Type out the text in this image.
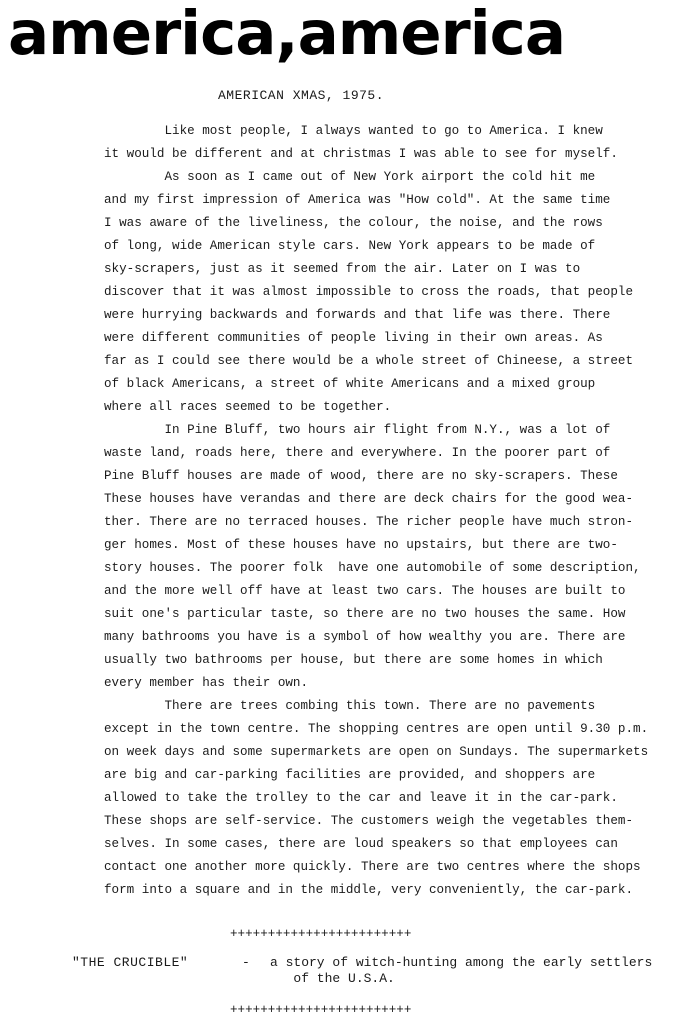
america,america
AMERICAN XMAS, 1975.

Like most people, I always wanted to go to America. I knew

it would be different and at christmas I was able to see for myself.

As soon as I came out of New York airport the cold hit me

and my first impression of America was "How cold". At the same time

I was aware of the liveliness, the colour, the noise, and the rows

of long, wide American style cars. New York appears to be made of

sky-scrapers, just as it seemed from the air. Later on I was to

discover that it was almost impossible to cross the roads, that people

were hurrying backwards and forwards and that life was there. There

were different communities of people living in their own areas. As

far as I could see there would be a whole street of Chineese, a street

of black Americans, a street of white Americans and a mixed group

where all races seemed to be together.

In Pine Bluff, two hours air flight from N.Y., was a lot of

waste land, roads here, there and everywhere. In the poorer part of

Pine Bluff houses are made of wood, there are no sky-scrapers. These

These houses have verandas and there are deck chairs for the good wea-

ther. There are no terraced houses. The richer people have much stron-

ger homes. Most of these houses have no upstairs, but there are two-

story houses. The poorer folk  have one automobile of some description,

and the more well off have at least two cars. The houses are built to

suit one's particular taste, so there are no two houses the same. How

many bathrooms you have is a symbol of how wealthy you are. There are

usually two bathrooms per house, but there are some homes in which

every member has their own.

There are trees combing this town. There are no pavements

except in the town centre. The shopping centres are open until 9.30 p.m.

on week days and some supermarkets are open on Sundays. The supermarkets

are big and car-parking facilities are provided, and shoppers are

allowed to take the trolley to the car and leave it in the car-park.

These shops are self-service. The customers weigh the vegetables them-

selves. In some cases, there are loud speakers so that employees can

contact one another more quickly. There are two centres where the shops

form into a square and in the middle, very conveniently, the car-park.

++++++++++++++++++++++++
"THE CRUCIBLE"	- a story of witch-hunting among the early settlers
of the U.S.A.
++++++++++++++++++++++++
